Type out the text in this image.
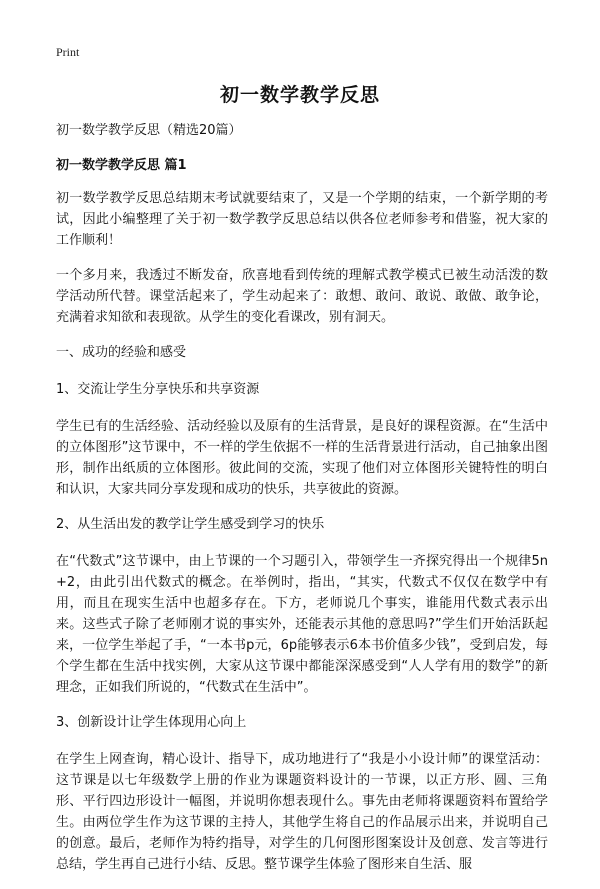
Print
初一数学教学反思

初一数学教学反思（精选20篇）

初一数学教学反思 篇1

初一数学教学反思总结期末考试就要结束了，又是一个学期的结束，一个新学期的考试，因此小编整理了关于初一数学教学反思总结以供各位老师参考和借鉴，祝大家的工作顺利！

一个多月来，我透过不断发奋，欣喜地看到传统的理解式教学模式已被生动活泼的数学活动所代替。课堂活起来了，学生动起来了：敢想、敢问、敢说、敢做、敢争论，充满着求知欲和表现欲。从学生的变化看课改，别有洞天。

一、成功的经验和感受

1、交流让学生分享快乐和共享资源

学生已有的生活经验、活动经验以及原有的生活背景，是良好的课程资源。在“生活中的立体图形”这节课中，不一样的学生依据不一样的生活背景进行活动，自己抽象出图形，制作出纸质的立体图形。彼此间的交流，实现了他们对立体图形关键特性的明白和认识，大家共同分享发现和成功的快乐，共享彼此的资源。

2、从生活出发的教学让学生感受到学习的快乐

在“代数式”这节课中，由上节课的一个习题引入，带领学生一齐探究得出一个规律5n+2，由此引出代数式的概念。在举例时，指出，“其实，代数式不仅仅在数学中有用，而且在现实生活中也超多存在。下方，老师说几个事实，谁能用代数式表示出来。这些式子除了老师刚才说的事实外，还能表示其他的意思吗?”学生们开始活跃起来，一位学生举起了手，“一本书p元，6p能够表示6本书价值多少钱”，受到启发，每个学生都在生活中找实例，大家从这节课中都能深深感受到“人人学有用的数学”的新理念，正如我们所说的，“代数式在生活中”。

3、创新设计让学生体现用心向上

在学生上网查询，精心设计、指导下，成功地进行了“我是小小设计师”的课堂活动：这节课是以七年级数学上册的作业为课题资料设计的一节课，以正方形、圆、三角形、平行四边形设计一幅图，并说明你想表现什么。事先由老师将课题资料布置给学生。由两位学生作为这节课的主持人，其他学生将自己的作品展示出来，并说明自己的创意。最后，老师作为特约指导，对学生的几何图形图案设计及创意、发言等进行总结，学生再自己进行小结、反思。整节课学生体验了图形来自生活、服
